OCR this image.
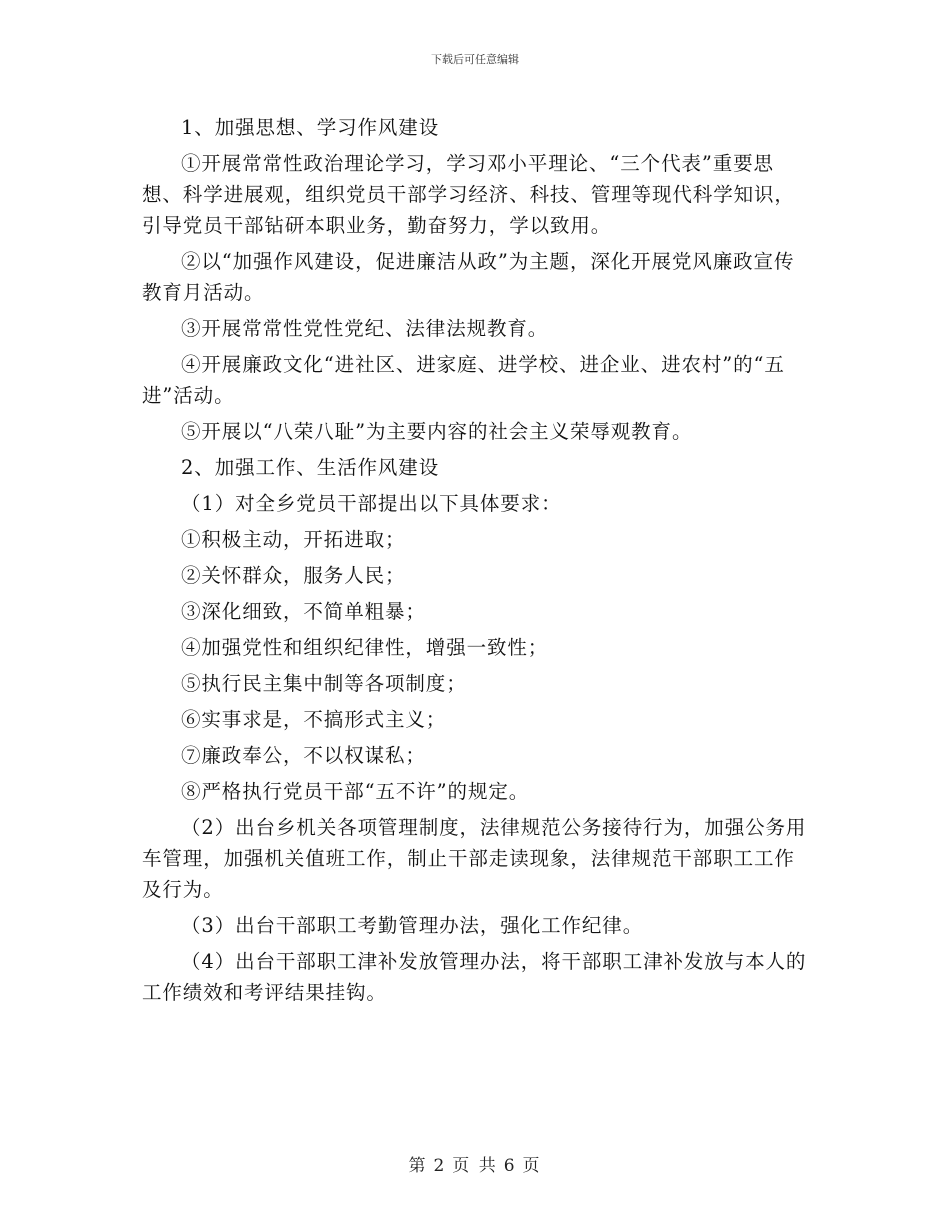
下载后可任意编辑

1、加强思想、学习作风建设

①开展常常性政治理论学习，学习邓小平理论、“三个代表”重要思想、科学进展观，组织党员干部学习经济、科技、管理等现代科学知识，引导党员干部钻研本职业务，勤奋努力，学以致用。

②以“加强作风建设，促进廉洁从政”为主题，深化开展党风廉政宣传教育月活动。

③开展常常性党性党纪、法律法规教育。

④开展廉政文化“进社区、进家庭、进学校、进企业、进农村”的“五进”活动。

⑤开展以“八荣八耻”为主要内容的社会主义荣辱观教育。

2、加强工作、生活作风建设

（1）对全乡党员干部提出以下具体要求：

①积极主动，开拓进取；

②关怀群众，服务人民；

③深化细致，不简单粗暴；

④加强党性和组织纪律性，增强一致性；

⑤执行民主集中制等各项制度；

⑥实事求是，不搞形式主义；

⑦廉政奉公，不以权谋私；

⑧严格执行党员干部“五不许”的规定。

（2）出台乡机关各项管理制度，法律规范公务接待行为，加强公务用车管理，加强机关值班工作，制止干部走读现象，法律规范干部职工工作及行为。

（3）出台干部职工考勤管理办法，强化工作纪律。

（4）出台干部职工津补发放管理办法，将干部职工津补发放与本人的工作绩效和考评结果挂钩。

第 2 页 共 6 页
